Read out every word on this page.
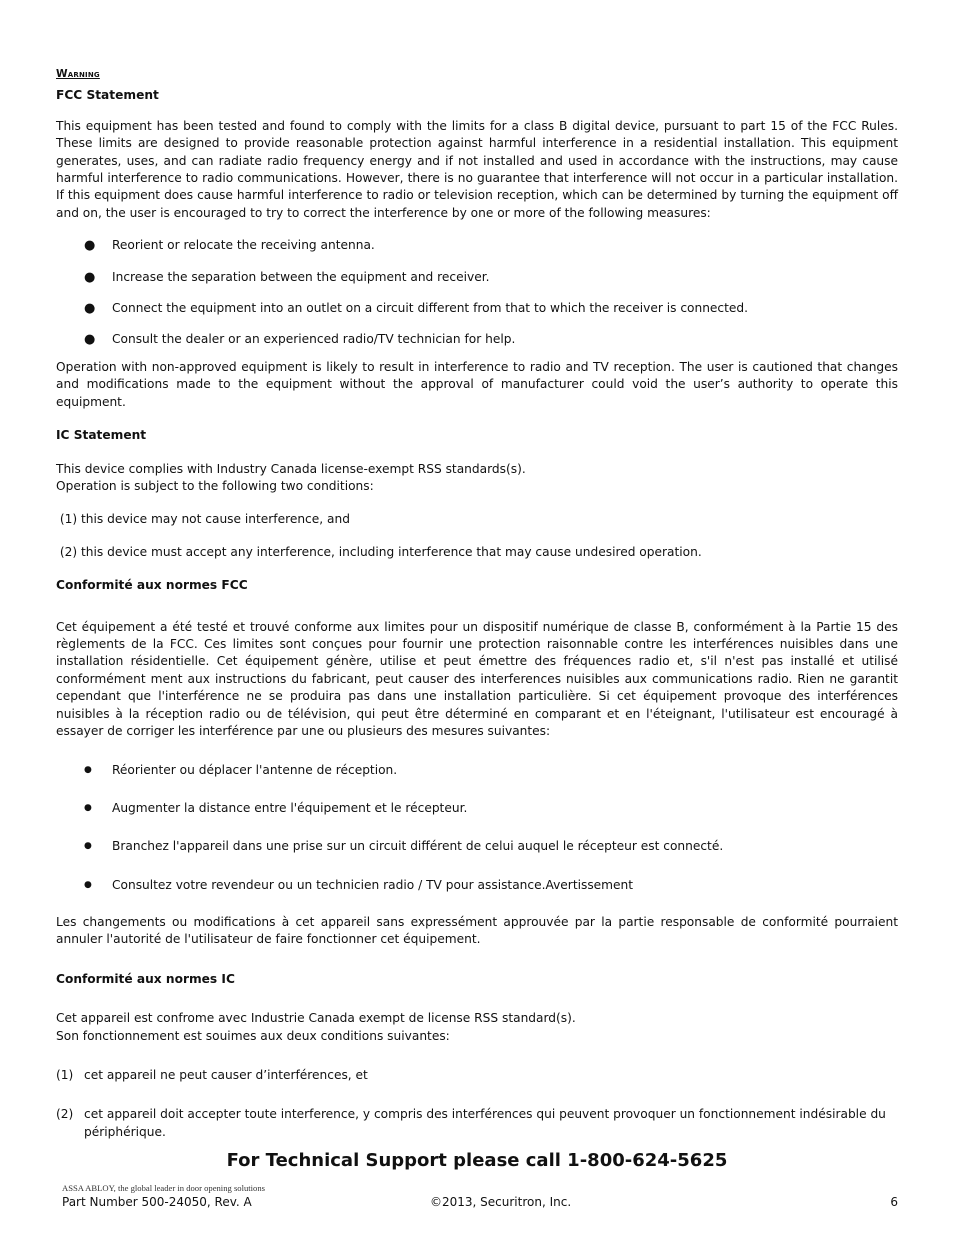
Warning
FCC Statement

This equipment has been tested and found to comply with the limits for a class B digital device, pursuant to part 15 of the FCC Rules. These limits are designed to provide reasonable protection against harmful interference in a residential installation. This equipment generates, uses, and can radiate radio frequency energy and if not installed and used in accordance with the instructions, may cause harmful interference to radio communications. However, there is no guarantee that interference will not occur in a particular installation. If this equipment does cause harmful interference to radio or television reception, which can be determined by turning the equipment off and on, the user is encouraged to try to correct the interference by one or more of the following measures:

● Reorient or relocate the receiving antenna.
● Increase the separation between the equipment and receiver.
● Connect the equipment into an outlet on a circuit different from that to which the receiver is connected.
● Consult the dealer or an experienced radio/TV technician for help.

Operation with non-approved equipment is likely to result in interference to radio and TV reception. The user is cautioned that changes and modifications made to the equipment without the approval of manufacturer could void the user’s authority to operate this equipment.

IC Statement

This device complies with Industry Canada license-exempt RSS standards(s).

Operation is subject to the following two conditions:

(1) this device may not cause interference, and

(2) this device must accept any interference, including interference that may cause undesired operation.

Conformité aux normes FCC

Cet équipement a été testé et trouvé conforme aux limites pour un dispositif numérique de classe B, conformément à la Partie 15 des règlements de la FCC. Ces limites sont conçues pour fournir une protection raisonnable contre les interférences nuisibles dans une installation résidentielle. Cet équipement génère, utilise et peut émettre des fréquences radio et, s'il n'est pas installé et utilisé conformément ment aux instructions du fabricant, peut causer des interferences nuisibles aux communications radio. Rien ne garantit cependant que l'interférence ne se produira pas dans une installation particulière. Si cet équipement provoque des interférences nuisibles à la réception radio ou de télévision, qui peut être déterminé en comparant et en l'éteignant, l'utilisateur est encouragé à essayer de corriger les interférence par une ou plusieurs des mesures suivantes:

● Réorienter ou déplacer l'antenne de réception.
● Augmenter la distance entre l'équipement et le récepteur.
● Branchez l'appareil dans une prise sur un circuit différent de celui auquel le récepteur est connecté.
● Consultez votre revendeur ou un technicien radio / TV pour assistance.Avertissement

Les changements ou modifications à cet appareil sans expressément approuvée par la partie responsable de conformité pourraient annuler l'autorité de l'utilisateur de faire fonctionner cet équipement.

Conformité aux normes IC

Cet appareil est confrome avec Industrie Canada exempt de license RSS standard(s).

Son fonctionnement est souimes aux deux conditions suivantes:

(1) cet appareil ne peut causer d’interférences, et
(2) cet appareil doit accepter toute interference, y compris des interférences qui peuvent provoquer un fonctionnement indésirable du périphérique.
For Technical Support please call 1-800-624-5625
ASSA ABLOY, the global leader in door opening solutions
Part Number 500-24050, Rev. A	©2013, Securitron, Inc.	6
